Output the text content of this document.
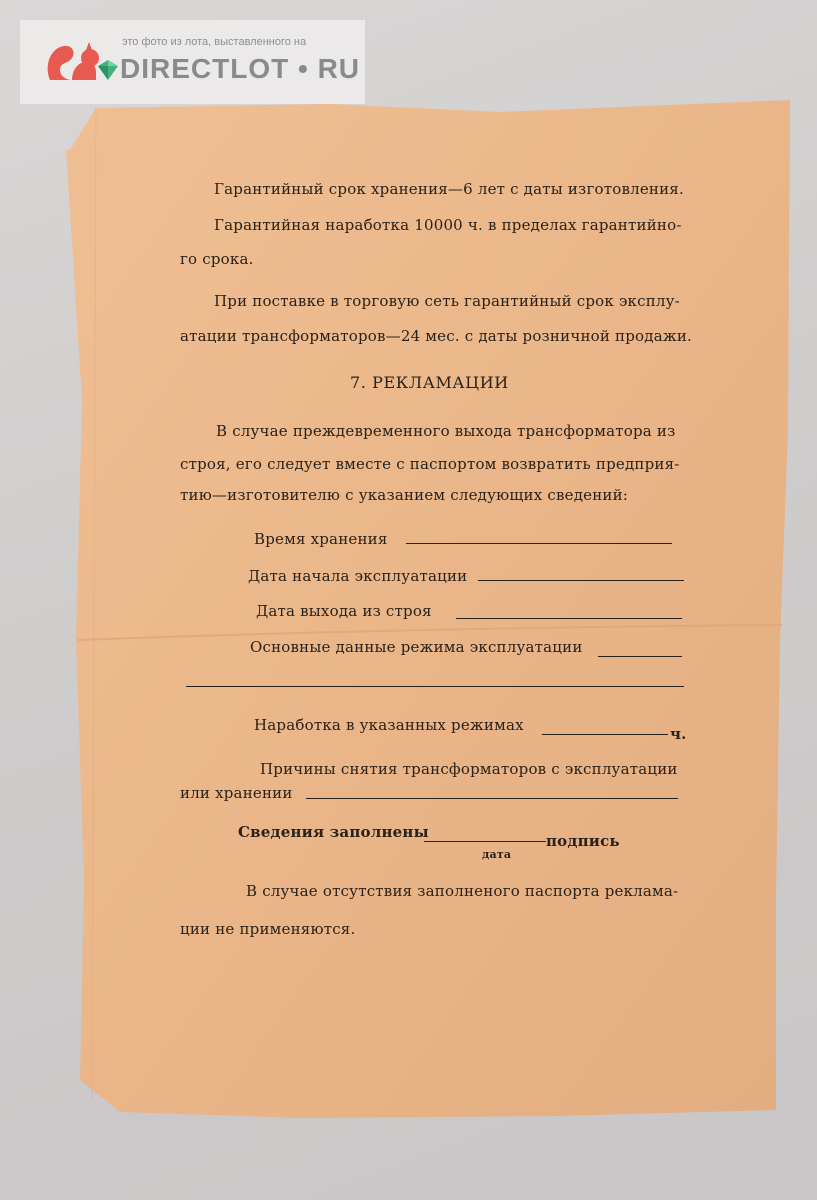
Гарантийный срок хранения—6 лет с даты изготовления.
Гарантийная наработка 10000 ч. в пределах гарантийно-
го срока.
При поставке в торговую сеть гарантийный срок эксплу-
атации трансформаторов—24 мес. с даты розничной продажи.
7. РЕКЛАМАЦИИ
В случае преждевременного выхода трансформатора из
строя, его следует вместе с паспортом возвратить предприя-
тию—изготовителю с указанием следующих сведений:
Время хранения
Дата начала эксплуатации
Дата выхода из строя
Основные данные режима эксплуатации
Наработка в указанных режимах	ч.
Причины снятия трансформаторов с эксплуатации
или хранении
Сведения заполнены	подпись
дата
В случае отсутствия заполненого паспорта реклама-
ции не применяются.
это фото из лота, выставленного на
DIRECTLOT • RU
